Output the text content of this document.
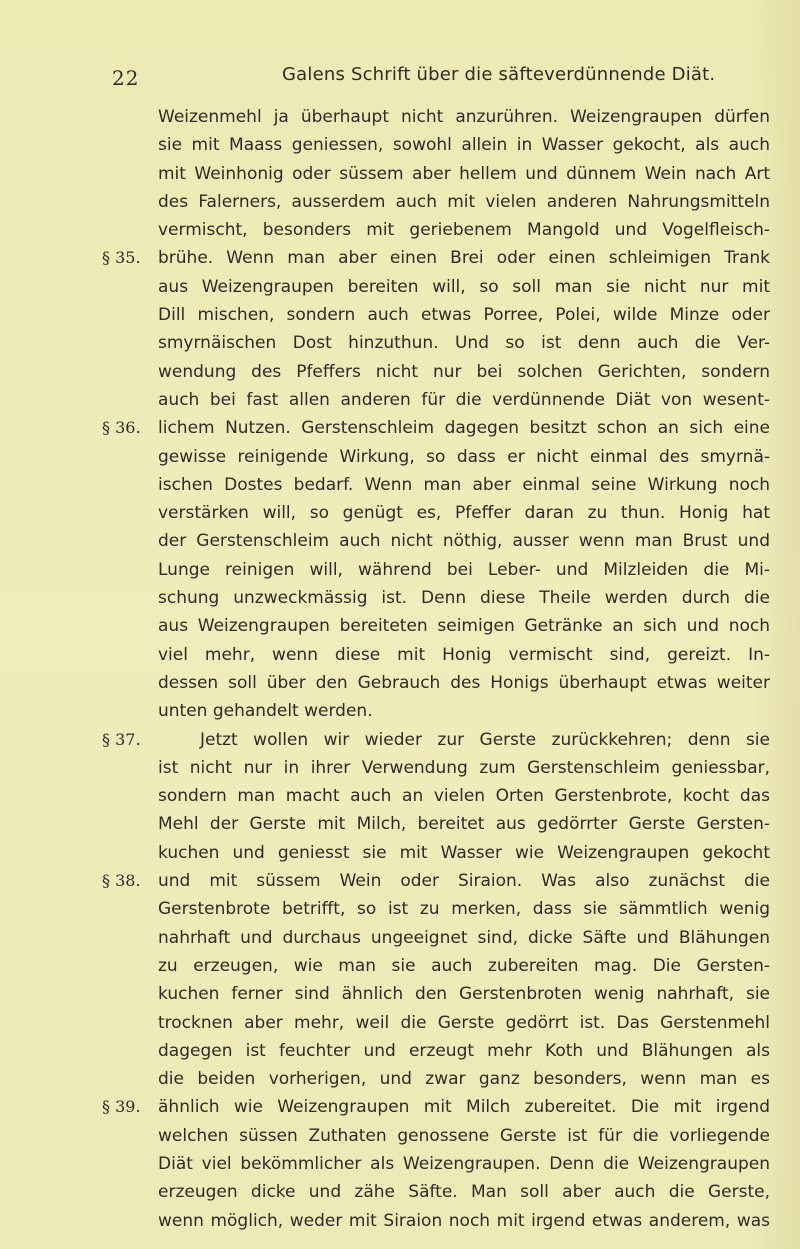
22	Galens Schrift über die säfteverdünnende Diät.
Weizenmehl ja überhaupt nicht anzurühren. Weizengraupen dürfen
sie mit Maass geniessen, sowohl allein in Wasser gekocht, als auch
mit Weinhonig oder süssem aber hellem und dünnem Wein nach Art
des Falerners, ausserdem auch mit vielen anderen Nahrungsmitteln
vermischt, besonders mit geriebenem Mangold und Vogelfleisch-
§ 35. brühe. Wenn man aber einen Brei oder einen schleimigen Trank
aus Weizengraupen bereiten will, so soll man sie nicht nur mit
Dill mischen, sondern auch etwas Porree, Polei, wilde Minze oder
smyrnäischen Dost hinzuthun. Und so ist denn auch die Ver-
wendung des Pfeffers nicht nur bei solchen Gerichten, sondern
auch bei fast allen anderen für die verdünnende Diät von wesent-
§ 36. lichem Nutzen. Gerstenschleim dagegen besitzt schon an sich eine
gewisse reinigende Wirkung, so dass er nicht einmal des smyrnä-
ischen Dostes bedarf. Wenn man aber einmal seine Wirkung noch
verstärken will, so genügt es, Pfeffer daran zu thun. Honig hat
der Gerstenschleim auch nicht nöthig, ausser wenn man Brust und
Lunge reinigen will, während bei Leber- und Milzleiden die Mi-
schung unzweckmässig ist. Denn diese Theile werden durch die
aus Weizengraupen bereiteten seimigen Getränke an sich und noch
viel mehr, wenn diese mit Honig vermischt sind, gereizt. In-
dessen soll über den Gebrauch des Honigs überhaupt etwas weiter
unten gehandelt werden.
§ 37.	Jetzt wollen wir wieder zur Gerste zurückkehren; denn sie
ist nicht nur in ihrer Verwendung zum Gerstenschleim geniessbar,
sondern man macht auch an vielen Orten Gerstenbrote, kocht das
Mehl der Gerste mit Milch, bereitet aus gedörrter Gerste Gersten-
kuchen und geniesst sie mit Wasser wie Weizengraupen gekocht
§ 38. und mit süssem Wein oder Siraion. Was also zunächst die
Gerstenbrote betrifft, so ist zu merken, dass sie sämmtlich wenig
nahrhaft und durchaus ungeeignet sind, dicke Säfte und Blähungen
zu erzeugen, wie man sie auch zubereiten mag. Die Gersten-
kuchen ferner sind ähnlich den Gerstenbroten wenig nahrhaft, sie
trocknen aber mehr, weil die Gerste gedörrt ist. Das Gerstenmehl
dagegen ist feuchter und erzeugt mehr Koth und Blähungen als
die beiden vorherigen, und zwar ganz besonders, wenn man es
§ 39. ähnlich wie Weizengraupen mit Milch zubereitet. Die mit irgend
welchen süssen Zuthaten genossene Gerste ist für die vorliegende
Diät viel bekömmlicher als Weizengraupen. Denn die Weizengraupen
erzeugen dicke und zähe Säfte. Man soll aber auch die Gerste,
wenn möglich, weder mit Siraion noch mit irgend etwas anderem, was
